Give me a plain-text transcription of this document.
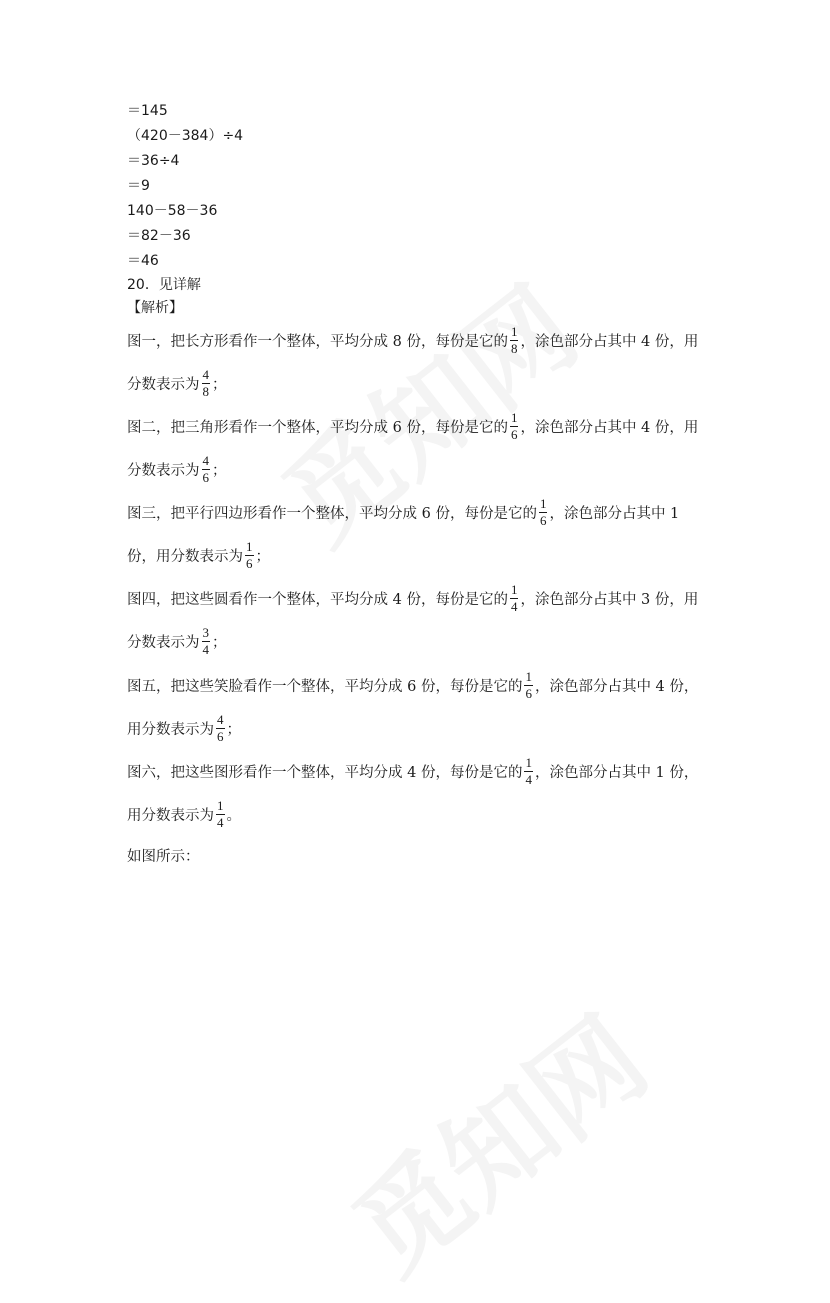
＝145
（420－384）÷4
＝36÷4
＝9
140－58－36
＝82－36
＝46
20．见详解
【解析】
图一，把长方形看作一个整体，平均分成 8 份，每份是它的 $\frac{1}{8}$ ，涂色部分占其中 4 份，用
分数表示为 $\frac{4}{8}$ ；
图二，把三角形看作一个整体，平均分成 6 份，每份是它的 $\frac{1}{6}$ ，涂色部分占其中 4 份，用
分数表示为 $\frac{4}{6}$ ；
图三，把平行四边形看作一个整体，平均分成 6 份，每份是它的 $\frac{1}{6}$ ，涂色部分占其中 1
份，用分数表示为 $\frac{1}{6}$ ；
图四，把这些圆看作一个整体，平均分成 4 份，每份是它的 $\frac{1}{4}$ ，涂色部分占其中 3 份，用
分数表示为 $\frac{3}{4}$ ；
图五，把这些笑脸看作一个整体，平均分成 6 份，每份是它的 $\frac{1}{6}$ ，涂色部分占其中 4 份，
用分数表示为 $\frac{4}{6}$ ；
图六，把这些图形看作一个整体，平均分成 4 份，每份是它的 $\frac{1}{4}$ ，涂色部分占其中 1 份，
用分数表示为 $\frac{1}{4}$ 。
如图所示：
